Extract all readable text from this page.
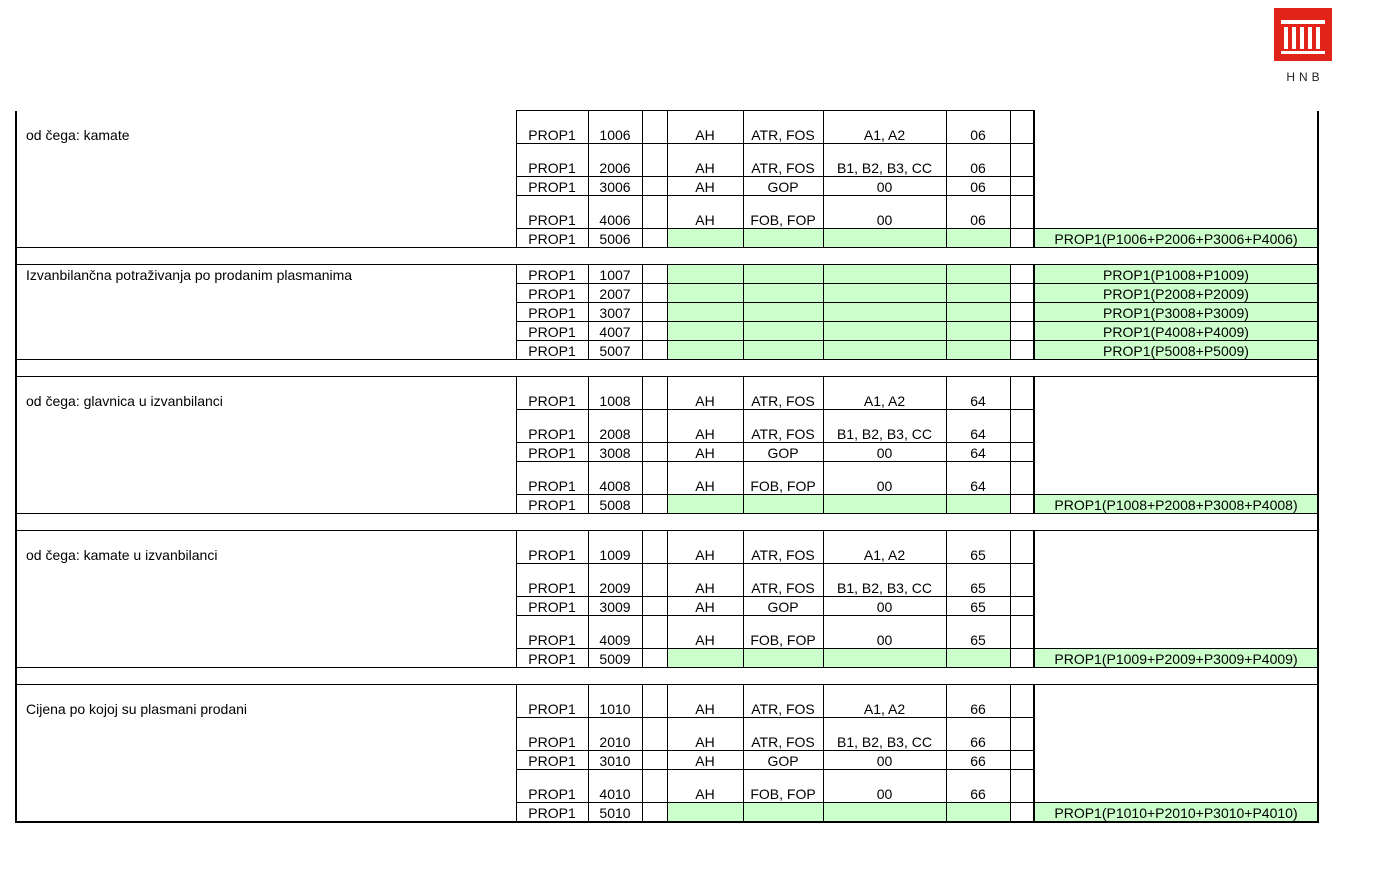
HNB
od čega: kamate	PROP1	1006		AH	ATR, FOS	A1, A2	06		
	PROP1	2006		AH	ATR, FOS	B1, B2, B3, CC	06		
	PROP1	3006		AH	GOP	00	06		
	PROP1	4006		AH	FOB, FOP	00	06		
	PROP1	5006							PROP1(P1006+P2006+P3006+P4006)

Izvanbilančna potraživanja po prodanim plasmanima	PROP1	1007							PROP1(P1008+P1009)
	PROP1	2007							PROP1(P2008+P2009)
	PROP1	3007							PROP1(P3008+P3009)
	PROP1	4007							PROP1(P4008+P4009)
	PROP1	5007							PROP1(P5008+P5009)

od čega: glavnica u izvanbilanci	PROP1	1008		AH	ATR, FOS	A1, A2	64		
	PROP1	2008		AH	ATR, FOS	B1, B2, B3, CC	64		
	PROP1	3008		AH	GOP	00	64		
	PROP1	4008		AH	FOB, FOP	00	64		
	PROP1	5008							PROP1(P1008+P2008+P3008+P4008)

od čega: kamate u izvanbilanci	PROP1	1009		AH	ATR, FOS	A1, A2	65		
	PROP1	2009		AH	ATR, FOS	B1, B2, B3, CC	65		
	PROP1	3009		AH	GOP	00	65		
	PROP1	4009		AH	FOB, FOP	00	65		
	PROP1	5009							PROP1(P1009+P2009+P3009+P4009)

Cijena po kojoj su plasmani prodani	PROP1	1010		AH	ATR, FOS	A1, A2	66		
	PROP1	2010		AH	ATR, FOS	B1, B2, B3, CC	66		
	PROP1	3010		AH	GOP	00	66		
	PROP1	4010		AH	FOB, FOP	00	66		
	PROP1	5010							PROP1(P1010+P2010+P3010+P4010)
